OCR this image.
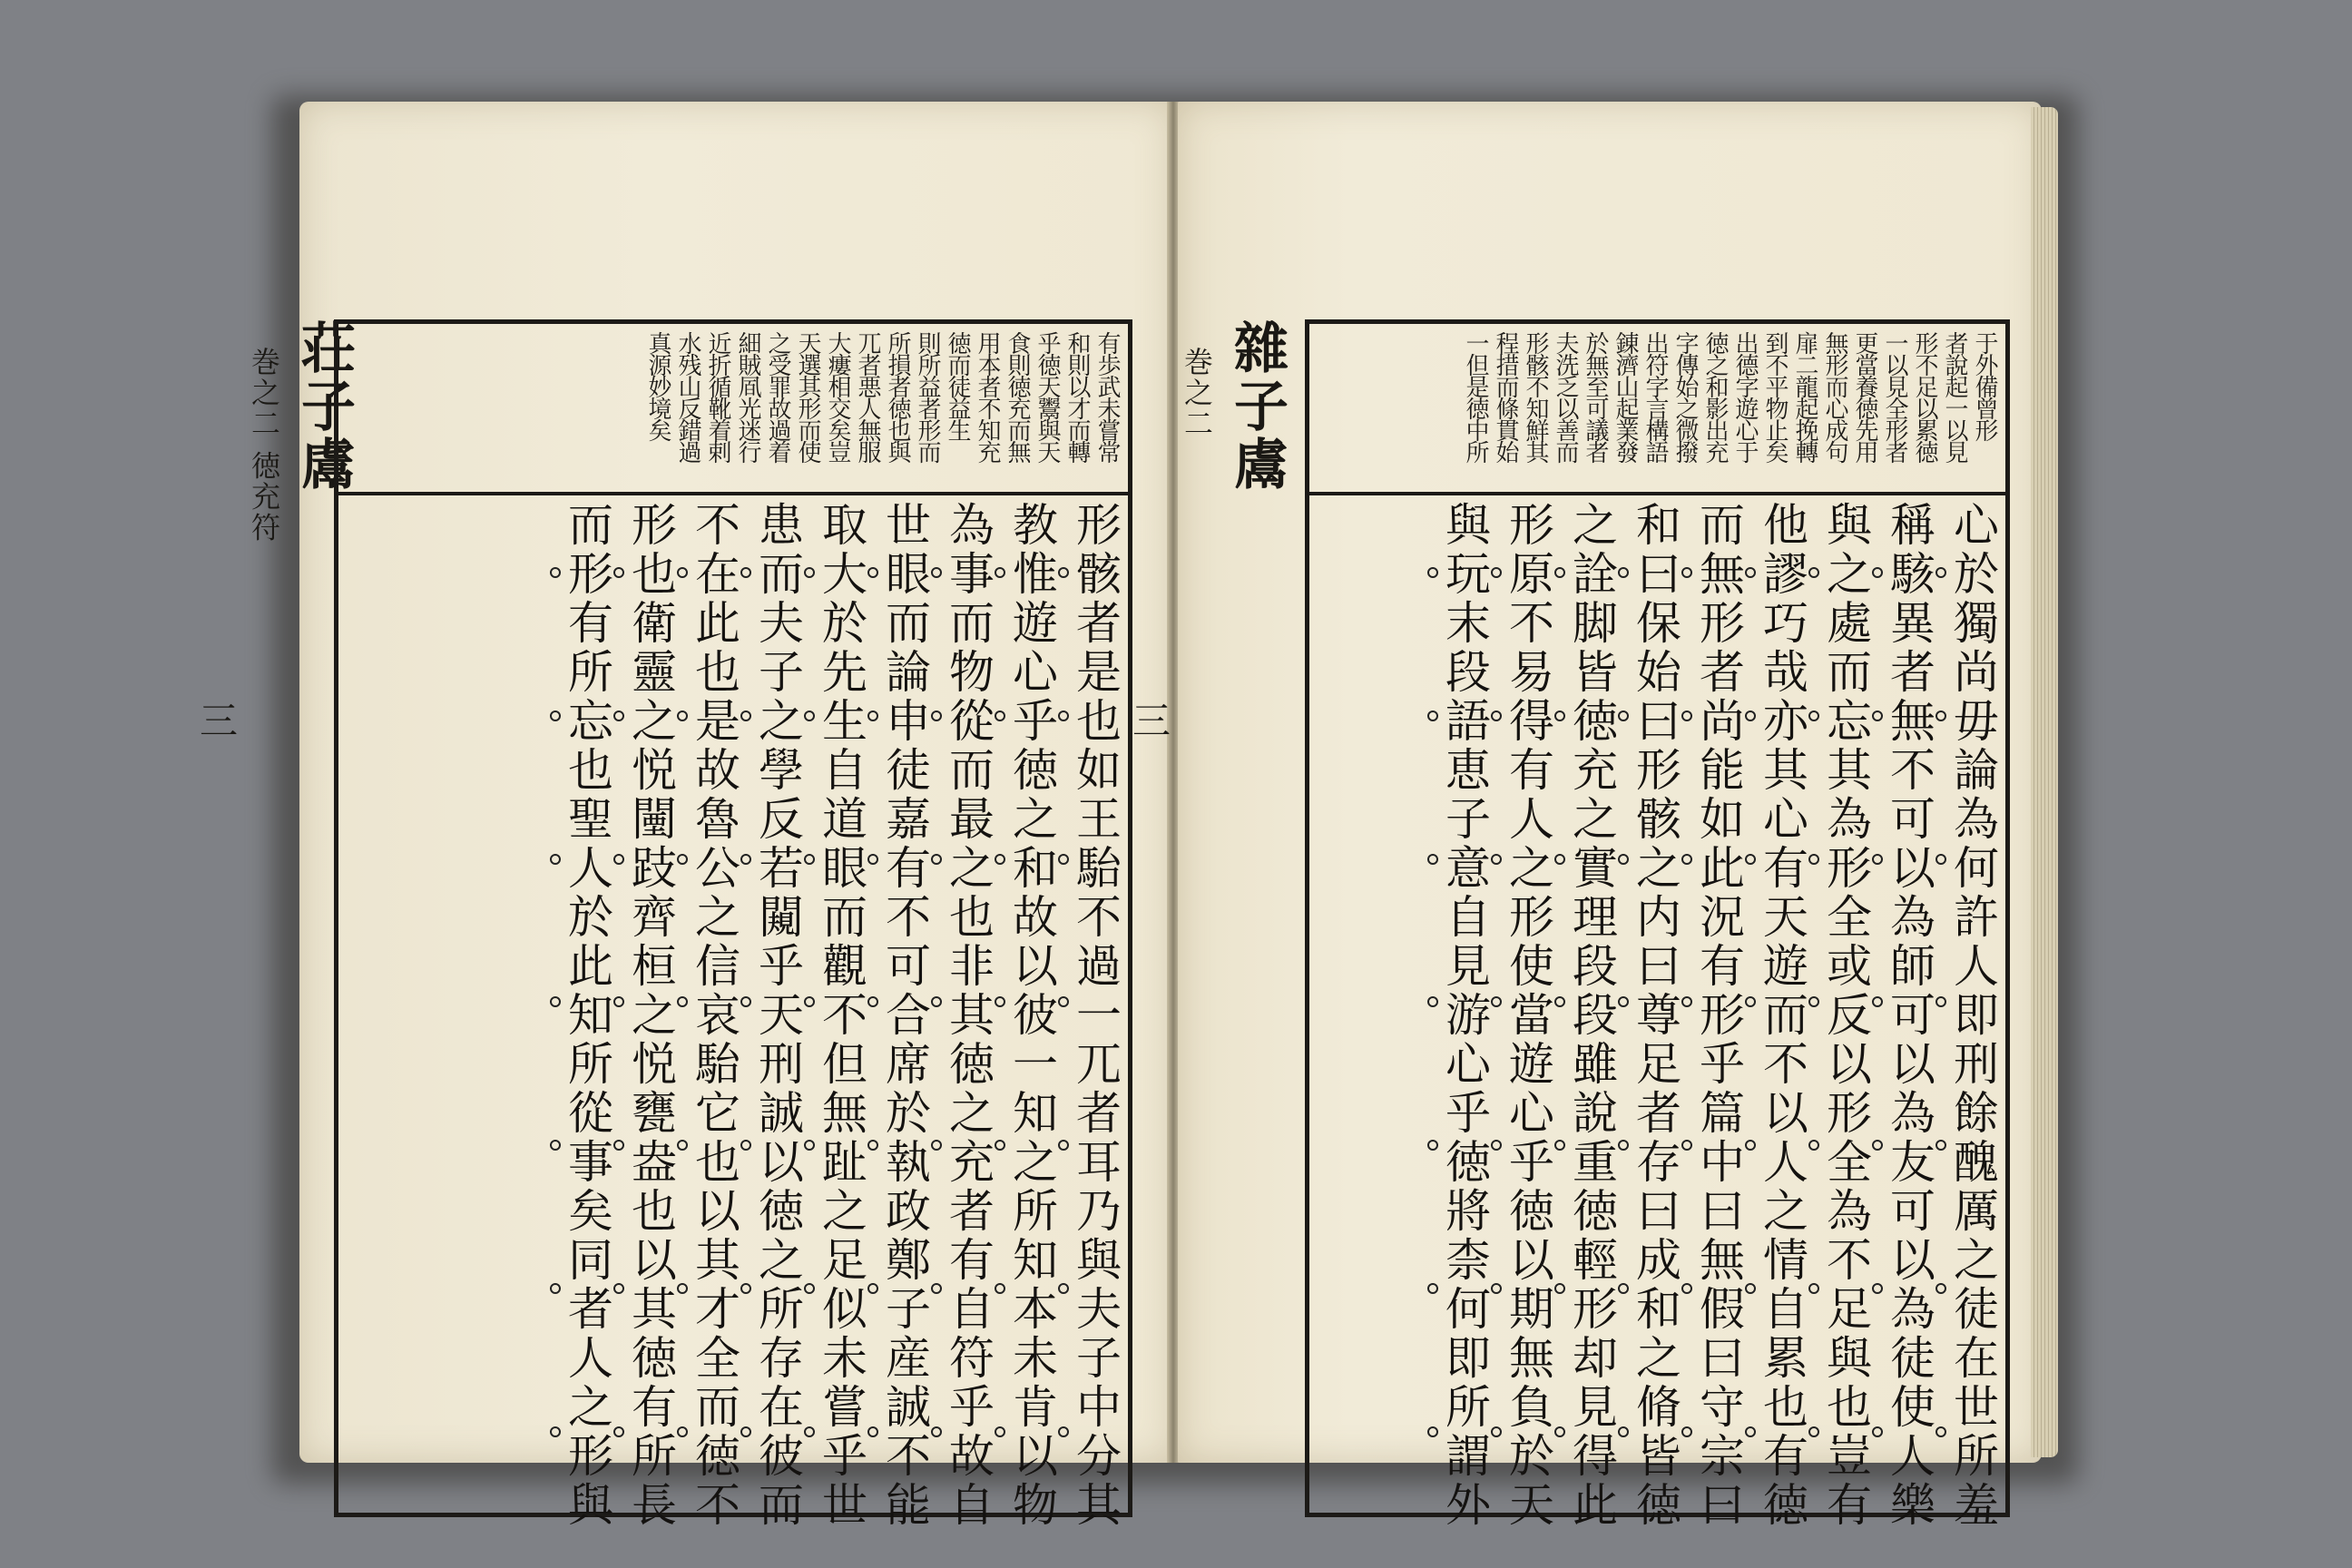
荘子鬳
巻之二 徳充符
三
有歩武未嘗常
和則以才而轉
乎徳天鬻與天
食則徳充而無
用本者不知充
徳而徒益生
則所益者形而
所損者徳也與
兀者悪人無服
大瘻相交矣豈
天選其形而使
之受罪故過着
細賊凮光迷行
近折循靴着剌
水残山反錯過
真源妙境矣
形骸者是也如王駘不過一兀者耳乃與夫子中分其
教惟遊心乎徳之和故以彼一知之所知本未肯以物
為事而物從而最之也非其徳之充者有自符乎故自
世眼而論申徒嘉有不可合席於執政鄭子産誠不能
取大於先生自道眼而觀不但無趾之足似未嘗乎世
患而夫子之學反若闚乎天刑誠以徳之所存在彼而
不在此也是故魯公之信哀駘它也以其才全而徳不
形也衛靈之悦闉跂齊桓之悦甕盎也以其徳有所長
而形有所忘也聖人於此知所從事矣同者人之形與
雜子鬳
巻之二
三
于外備曾形
者說起一以見
形不足以累徳
一以見全形者
更當養徳先用
無形而心成句
扉二龍起挽轉
到不平物止矣
出德字遊心于
徳之和影出充
字傳始之微撥
出符字言構語
錬濟山起業發
於無至可議者
夫洗乏以善而
形骸不知鮮其
程措而條貫始
一但是徳中所
心於獨尚毋論為何許人即刑餘醜厲之徒在世所羞
稱駭異者無不可以為師可以為友可以為徒使人樂
與之處而忘其為形全或反以形全為不足與也豈有
他謬巧哉亦其心有天遊而不以人之情自累也有徳
而無形者尚能如此況有形乎篇中曰無假曰守宗曰
和曰保始曰形骸之内曰尊足者存曰成和之脩皆徳
之詮脚皆徳充之實理段段雖說重徳輕形却見得此
形原不易得有人之形使當遊心乎徳以期無負於天
與玩末段語恵子意自見游心乎徳將柰何即所謂外
